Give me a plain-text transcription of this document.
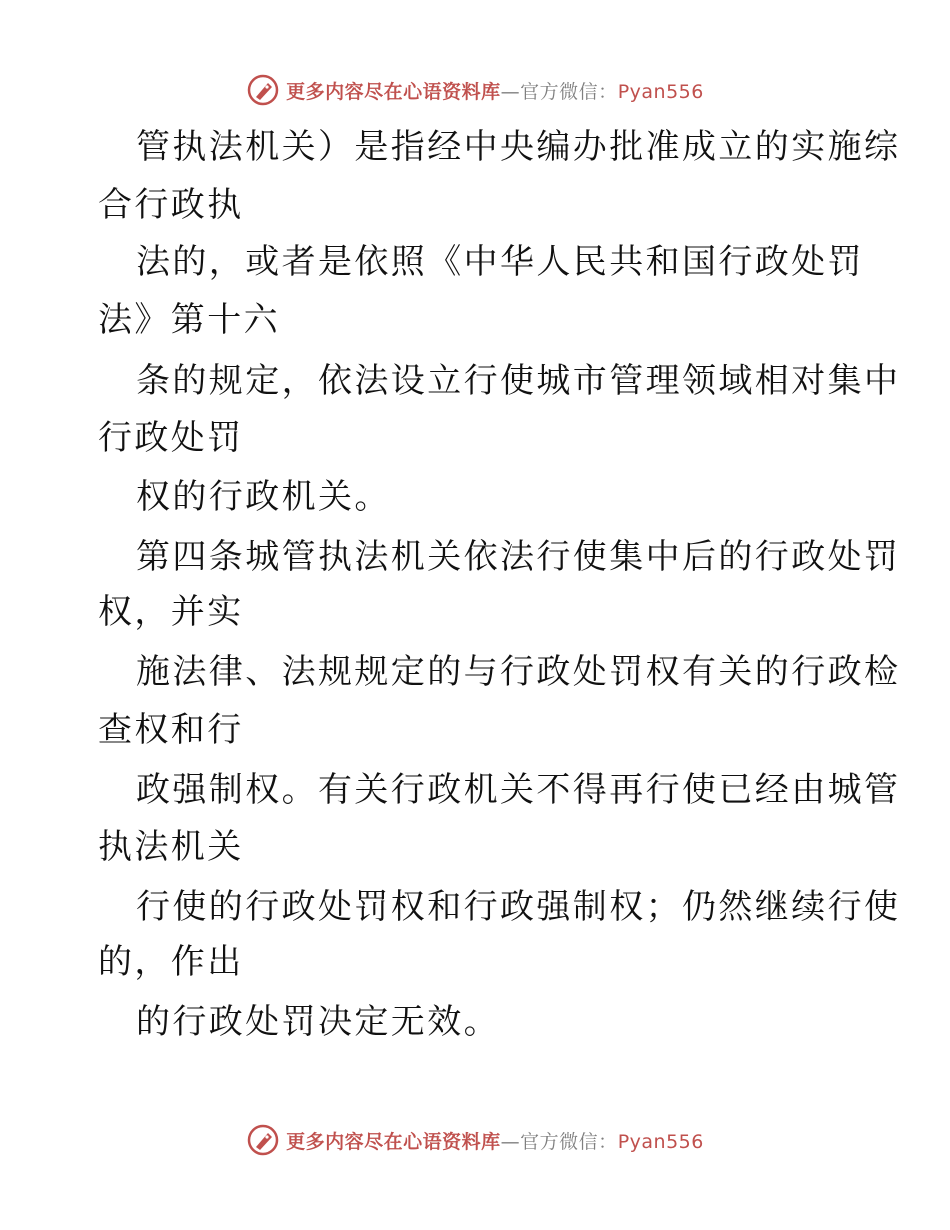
更多内容尽在心语资料库—官方微信：Pyan556
管执法机关）是指经中央编办批准成立的实施综
合行政执
法的，或者是依照《中华人民共和国行政处罚
法》第十六
条的规定，依法设立行使城市管理领域相对集中
行政处罚
权的行政机关。
第四条城管执法机关依法行使集中后的行政处罚
权，并实
施法律、法规规定的与行政处罚权有关的行政检
查权和行
政强制权。有关行政机关不得再行使已经由城管
执法机关
行使的行政处罚权和行政强制权；仍然继续行使
的，作出
的行政处罚决定无效。
更多内容尽在心语资料库—官方微信：Pyan556
